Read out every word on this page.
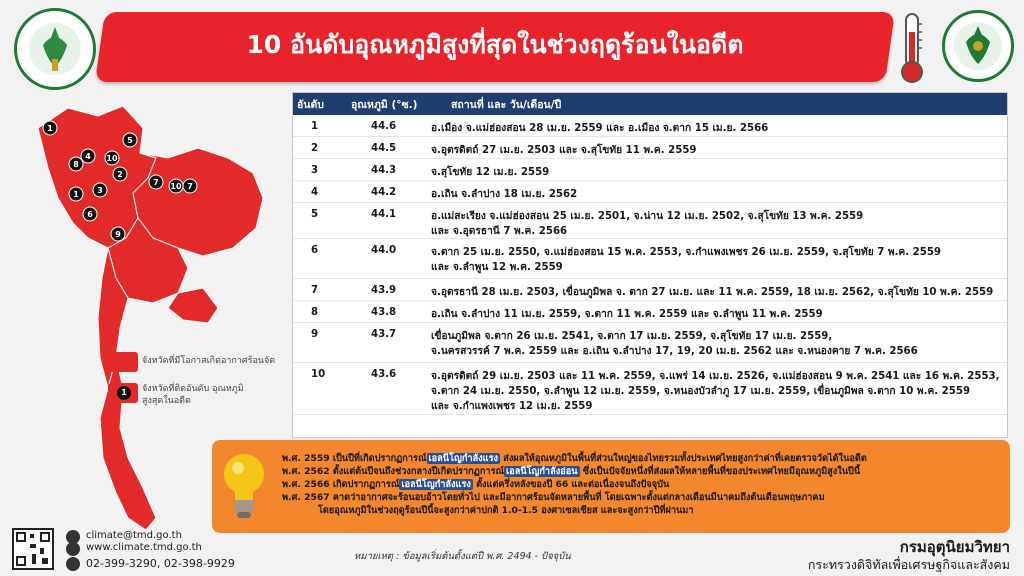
10 อันดับอุณหภูมิสูงที่สุดในช่วงฤดูร้อนในอดีต
1
5
4 10
8
2
7
1 3
6
9
10
7
จังหวัดที่มีโอกาสเกิดอากาศร้อนจัด
1	จังหวัดที่ติดอันดับ อุณหภูมิสูงสุดในอดีต
อันดับ	อุณหภูมิ (°ซ.)	สถานที่ และ วัน/เดือน/ปี
1	44.6	อ.เมือง จ.แม่ฮ่องสอน 28 เม.ย. 2559 และ อ.เมือง จ.ตาก 15 เม.ย. 2566
2	44.5	จ.อุตรดิตถ์ 27 เม.ย. 2503 และ จ.สุโขทัย 11 พ.ค. 2559
3	44.3	จ.สุโขทัย 12 เม.ย. 2559
4	44.2	อ.เถิน จ.ลำปาง 18 เม.ย. 2562
5	44.1	อ.แม่สะเรียง จ.แม่ฮ่องสอน 25 เม.ย. 2501, จ.น่าน 12 เม.ย. 2502, จ.สุโขทัย 13 พ.ค. 2559
และ จ.อุดรธานี 7 พ.ค. 2566
6	44.0	จ.ตาก 25 เม.ย. 2550, จ.แม่ฮ่องสอน 15 พ.ค. 2553, จ.กำแพงเพชร 26 เม.ย. 2559, จ.สุโขทัย 7 พ.ค. 2559
และ จ.ลำพูน 12 พ.ค. 2559
7	43.9	จ.อุดรธานี 28 เม.ย. 2503, เขื่อนภูมิพล จ. ตาก 27 เม.ย. และ 11 พ.ค. 2559, 18 เม.ย. 2562, จ.สุโขทัย 10 พ.ค. 2559
8	43.8	อ.เถิน จ.ลำปาง 11 เม.ย. 2559, จ.ตาก 11 พ.ค. 2559 และ จ.ลำพูน 11 พ.ค. 2559
9	43.7	เขื่อนภูมิพล จ.ตาก 26 เม.ย. 2541, จ.ตาก 17 เม.ย. 2559, จ.สุโขทัย 17 เม.ย. 2559,
จ.นครสวรรค์ 7 พ.ค. 2559 และ อ.เถิน จ.ลำปาง 17, 19, 20 เม.ย. 2562 และ จ.หนองคาย 7 พ.ค. 2566
10	43.6	จ.อุตรดิตถ์ 29 เม.ย. 2503 และ 11 พ.ค. 2559, จ.แพร่ 14 เม.ย. 2526, จ.แม่ฮ่องสอน 9 พ.ค. 2541 และ 16 พ.ค. 2553,
จ.ตาก 24 เม.ย. 2550, จ.ลำพูน 12 เม.ย. 2559, จ.หนองบัวลำภู 17 เม.ย. 2559, เขื่อนภูมิพล จ.ตาก 10 พ.ค. 2559
และ จ.กำแพงเพชร 12 เม.ย. 2559
พ.ศ. 2559 เป็นปีที่เกิดปรากฏการณ์ เอลนีโญกำลังแรง ส่งผลให้อุณหภูมิในพื้นที่ส่วนใหญ่ของไทยรวมทั้งประเทศไทยสูงกว่าค่าที่เคยตรวจวัดได้ในอดีต
พ.ศ. 2562 ตั้งแต่ต้นปีจนถึงช่วงกลางปีเกิดปรากฏการณ์ เอลนีโญกำลังอ่อน ซึ่งเป็นปัจจัยหนึ่งที่ส่งผลให้หลายพื้นที่ของประเทศไทยมีอุณหภูมิสูงในปีนี้
พ.ศ. 2566 เกิดปรากฏการณ์ เอลนีโญกำลังแรง ตั้งแต่ครึ่งหลังของปี 66 และต่อเนื่องจนถึงปัจจุบัน
พ.ศ. 2567 คาดว่าอากาศจะร้อนอบอ้าวโดยทั่วไป และมีอากาศร้อนจัดหลายพื้นที่ โดยเฉพาะตั้งแต่กลางเดือนมีนาคมถึงต้นเดือนพฤษภาคม
โดยอุณหภูมิในช่วงฤดูร้อนปีนี้จะสูงกว่าค่าปกติ 1.0-1.5 องศาเซลเซียส และจะสูงกว่าปีที่ผ่านมา
climate@tmd.go.th
www.climate.tmd.go.th
02-399-3290, 02-398-9929
หมายเหตุ : ข้อมูลเริ่มต้นตั้งแต่ปี พ.ศ. 2494 - ปัจจุบัน
กรมอุตุนิยมวิทยา
กระทรวงดิจิทัลเพื่อเศรษฐกิจและสังคม
